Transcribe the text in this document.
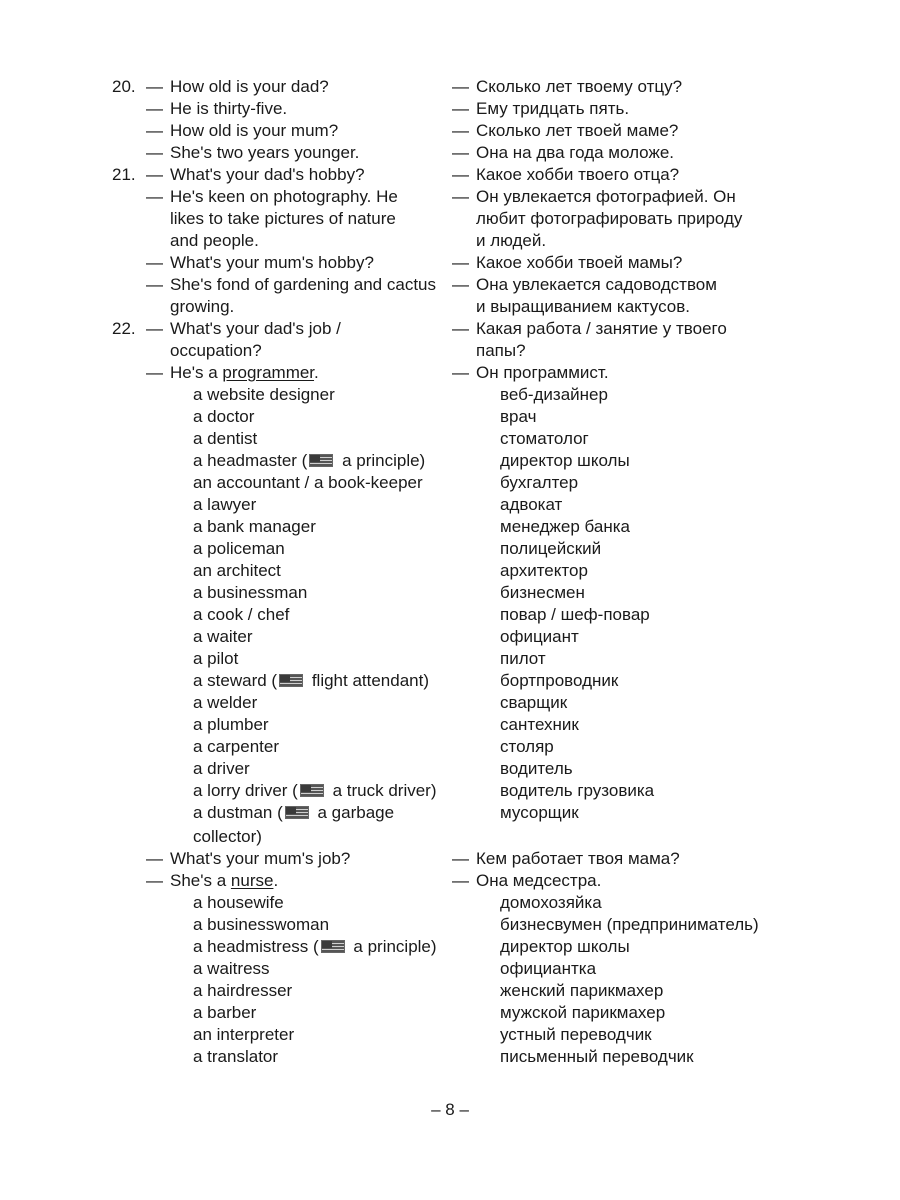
20. — How old is your dad?	— Сколько лет твоему отцу?
— He is thirty-five.	— Ему тридцать пять.
— How old is your mum?	— Сколько лет твоей маме?
— She's two years younger.	— Она на два года моложе.
21. — What's your dad's hobby?	— Какое хобби твоего отца?
— He's keen on photography. He	— Он увлекается фотографией. Он
likes to take pictures of nature	любит фотографировать природу
and people.	и людей.
— What's your mum's hobby?	— Какое хобби твоей мамы?
— She's fond of gardening and cactus — Она увлекается садоводством
growing.	и выращиванием кактусов.
22. — What's your dad's job /	— Какая работа / занятие у твоего
occupation?	папы?
— He's a programmer.	— Он программист.
a website designer	веб-дизайнер
a doctor	врач
a dentist	стоматолог
a headmaster ( a principle)	директор школы
an accountant / a book-keeper	бухгалтер
a lawyer	адвокат
a bank manager	менеджер банка
a policeman	полицейский
an architect	архитектор
a businessman	бизнесмен
a cook / chef	повар / шеф-повар
a waiter	официант
a pilot	пилот
a steward ( flight attendant)	бортпроводник
a welder	сварщик
a plumber	сантехник
a carpenter	столяр
a driver	водитель
a lorry driver ( a truck driver)	водитель грузовика
a dustman ( a garbage	мусорщик
collector)
— What's your mum's job?	— Кем работает твоя мама?
— She's a nurse.	— Она медсестра.
a housewife	домохозяйка
a businesswoman	бизнесвумен (предприниматель)
a headmistress ( a principle)	директор школы
a waitress	официантка
a hairdresser	женский парикмахер
a barber	мужской парикмахер
an interpreter	устный переводчик
a translator	письменный переводчик
– 8 –
